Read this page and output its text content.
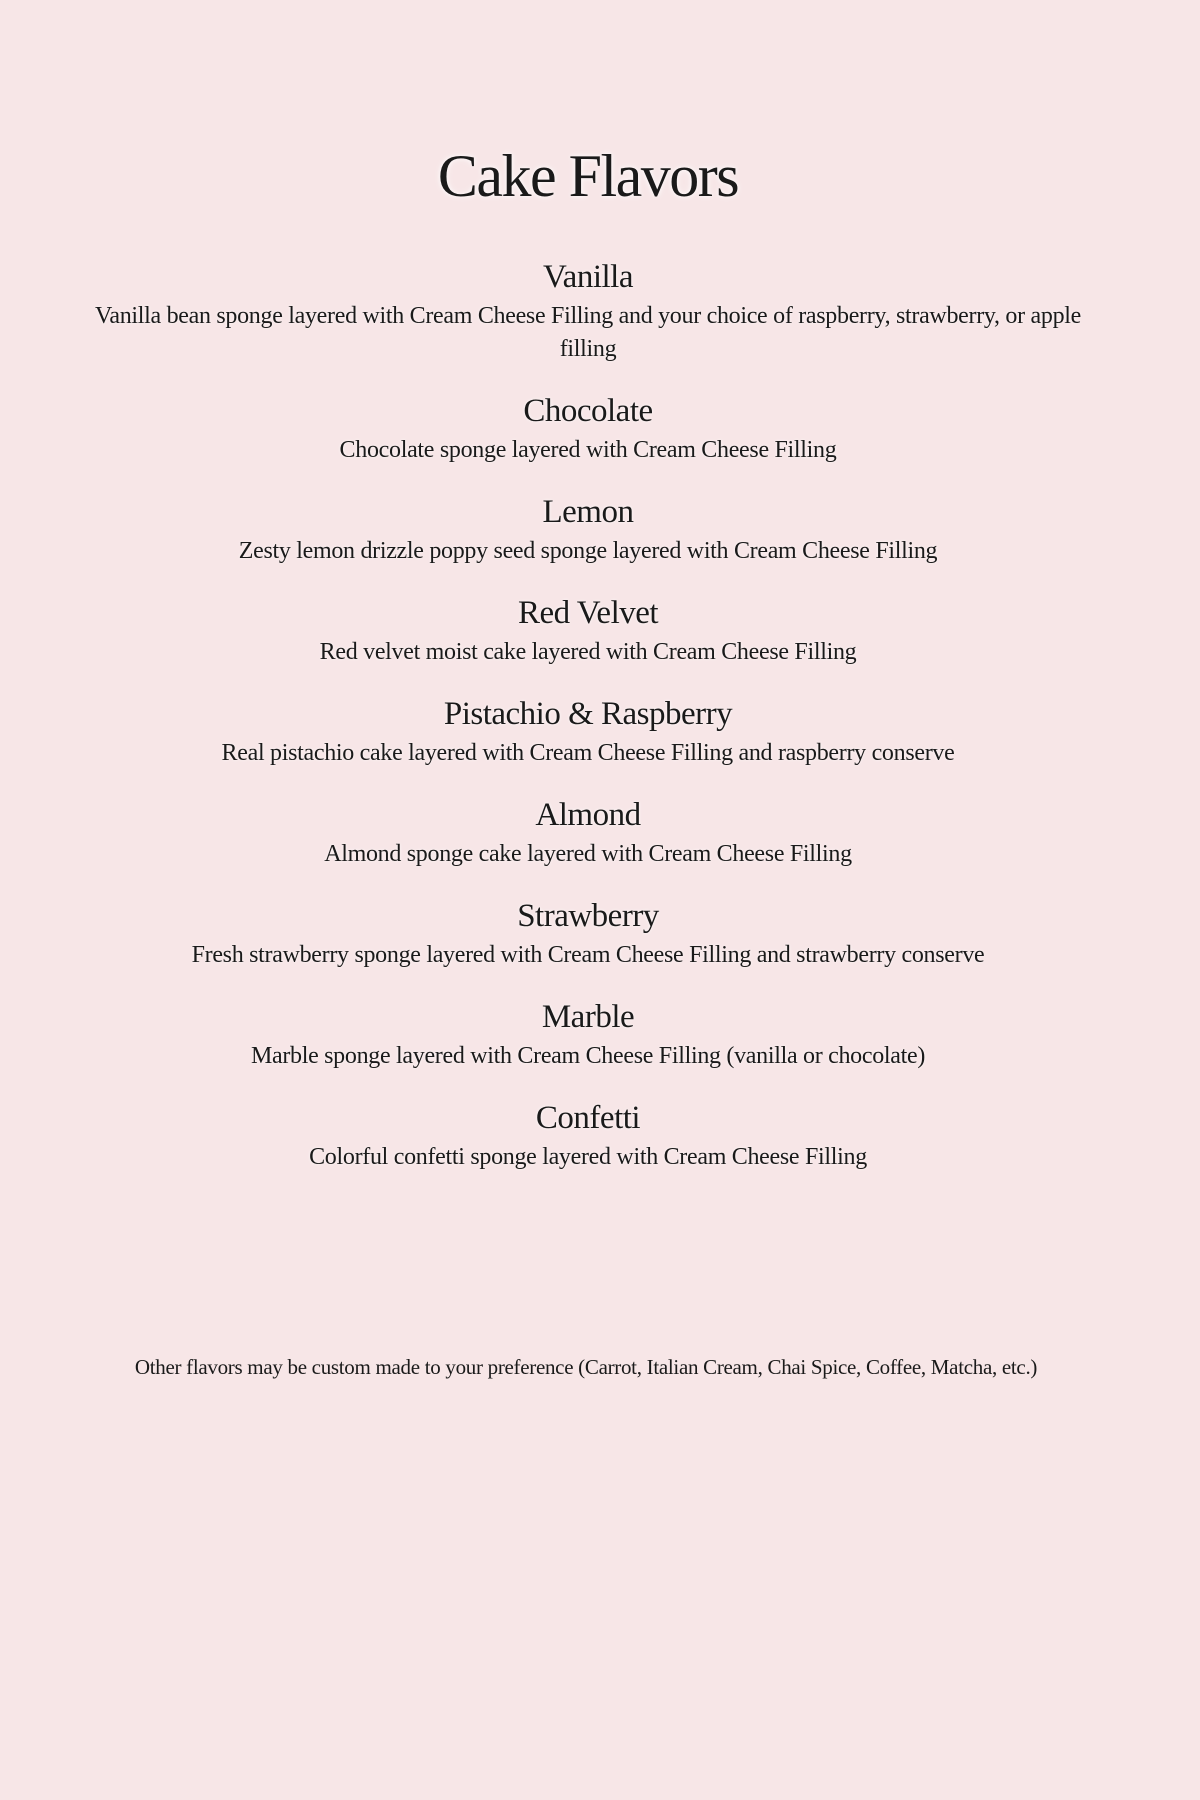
Cake Flavors
Vanilla

Vanilla bean sponge layered with Cream Cheese Filling and your choice of raspberry, strawberry, or apple filling

Chocolate

Chocolate sponge layered with Cream Cheese Filling

Lemon

Zesty lemon drizzle poppy seed sponge layered with Cream Cheese Filling

Red Velvet

Red velvet moist cake layered with Cream Cheese Filling

Pistachio & Raspberry

Real pistachio cake layered with Cream Cheese Filling and raspberry conserve

Almond

Almond sponge cake layered with Cream Cheese Filling

Strawberry

Fresh strawberry sponge layered with Cream Cheese Filling and strawberry conserve

Marble

Marble sponge layered with Cream Cheese Filling (vanilla or chocolate)

Confetti

Colorful confetti sponge layered with Cream Cheese Filling

Other flavors may be custom made to your preference (Carrot, Italian Cream, Chai Spice, Coffee, Matcha, etc.)
